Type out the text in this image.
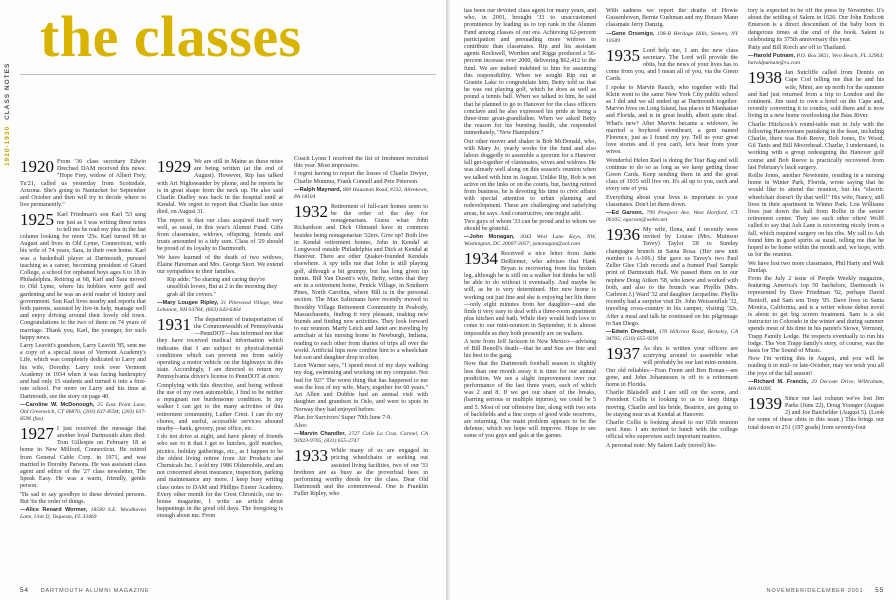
1920-1930CLASS NOTES
the classes
1920 From '36 class secretary Edwin Drechsel DAM received this news: "Hope Frey, widow of Albert Frey, Tu'21, called us yesterday from Scottsdale, Arizona. She's going to Nantucket for September and October and then will try to decide where to live permanently."

1925 Karl Friedman's son Karl '53 sang me just as I was writing these notes to tell me he read my plea in the last column looking for more '25s. Karl turned 98 in August and lives in Old Lyme, Connecticut, with his wife of 74 years, Sara, in their own home. Karl was a basketball player at Dartmouth, pursued teaching as a career, becoming president of Girard College, a school for orphaned boys ages 6 to 18 in Philadelphia. Retiring at 68, Karl and Sara moved to Old Lyme, where his hobbies were golf and gardening and he was an avid reader of history and government. Son Karl lives nearby and reports that both parents, assisted by live-in help, manage well and enjoy driving around their lovely old town. Congratulations to the two of them on 74 years of marriage. Thank you, Karl, the younger, for such happy news.

Larry Leavitt's grandson, Larry Leavitt '85, sent me a copy of a special issue of Vermont Academy's Life, which was completely dedicated to Larry and his wife, Dorothy. Larry took over Vermont Academy in 1934 when it was facing bankruptcy and had only 15 students and turned it into a first-rate school. For more on Larry and his time at Dartmouth, see the story on page 40.

—Caroline W. McDonough, 25 East Point Lane, Old Greenwich, CT 06870; (203) 637-8594; (203) 637-8596 (fax)

1927 I just received the message that another loyal Dartmouth alum died: Tom Gillespie on February 18 at home in New Milford, Connecticut. He retired from General Cable Corp. in 1971, and was married to Dorothy Parsons. He was assistant class agent and editor of the '27 class newsletter, The Speak Easy. He was a warm, friendly, gentle person.

'Tis sad to say goodbye to these devoted persons. But 'tis the order of things.

—Alice Renard Wormer, 18580 S.E. Woodhaven Lane, Unit D, Tequesta, FL 33469

1929 We are still in Maine as these notes are being written (at the end of August). However, Rip has talked with Art Nighswander by phone, and he reports he is in great shape from the neck up. He also said Charlie Dudley was back in the hospital until at Kendal. We regret to report that Charlie has since died, on August 31.

The report is that our class acquired itself very well, as usual, in this year's Alumni Fund. Gifts from classmates, widows, offspring, friends and trusts amounted to a tidy sum. Class of '29 should be proud of its loyalty to Dartmouth.

We have learned of the death of two widows, Elaine Haveman and Mrs. George Stort. We extend our sympathies to their families.

Rip adds: "So sharing and caring they're unselfish lovers, But at 2 in the morning they grab all the covers."

—Mary Lougee Ripley, 31 Pinewood Village, West Lebanon, NH 03784; (603) 643-6464

1931 The department of transportation of the Commonwealth of Pennsylvania—PennDOT—has informed me that they have received medical information which indicates that I am subject to physical/mental conditions which can prevent me from safely operating a motor vehicle on the highways in this state. Accordingly, I am directed to return my Pennsylvania driver's license to PennDOT at once.

Complying with this directive, and being without the use of my own automobile, I find to be neither a repugnant nor burdensome condition. In my walker I can get to the many activities of this retirement community, Luther Crest. I can do my chores, and useful, accessible services abound nearby—bank, grocery, post office, etc.

I do not drive at night, and have plenty of friends who see to it that I get to lunches, golf matches, picnics, holiday gatherings, etc., as I happen to be the oldest living retiree from Air Products and Chemicals Inc. I sold my 1986 Oldsmobile, and am not concerned about insurance, inspection, parking and maintenance any more. I keep busy writing class notes to DAM and Phillips Exeter Academy. Every other month for the Crest Chronicle, our in-house magazine, I write an article about happenings in the good old days. The foregoing is enough about me. From

Coach Lyons I received the list of freshmen recruited this year. Most impressive.

I regret having to report the losses of Charlie Dwyer, Charlie Mumma, Frank Connell and Pete Peterson.

—Ralph Maynard, 800 Hausman Road, #232, Allentown, PA 18104

1932 Retirement of full-care homes seem to be the order of the day for nonagenarians. Guess what: John Richardson and Dick Ohmand have in common besides being nonagenarian '32ers. Give up? Both live in Kendal retirement homes, John in Kendal at Longwood outside Philadelphia and Dick at Kendal at Hanover. There are other Quaker-founded Kendals elsewhere. A spy tells me that John is still playing golf, although a bit grumpy, but has long given up tennis. Bill Van Dusen's wife, Betty, writes that they are in a retirement home, Penick Village, in Southern Pines, North Carolina, where Bill is in the personal section. The Max Saltzmans have recently moved to Brookby Village Retirement Community in Peabody, Massachusetts, finding it very pleasant, making new friends and finding new activities. They look forward to our reunion. Marty Leich and Janet are traveling by armchair at his nursing home in Newburgh, Indiana, reading to each other from diaries of trips all over the world. Artificial hips now confine him to a wheelchair but son and daughter drop in often.

Leon Warner says, "I spend most of my days walking my dog, swimming and working on my computer. Not bad for 92!" The worst thing that has happened to me was the loss of my wife, Mary, together for 60 years." Art Allen and Dobbie had an annual visit with daughter and grandson in Oslo, and were to spots in Norway they had enjoyed before.

Plan for Survivors' Super 70th June 7-9.

Also:

—Marvin Chandler, 2727 Calle La Cruz, Carmel, CA 93923-9705; (831) 655-2747

1933 While many of us are engaged in pricing wheelchairs or seeking out assisted living facilities, two of our '33 brethren are as busy as the proverbial bees in performing worthy deeds for the class. Dear Old Dartmouth and the commonweal. One is Franklin Fuller Ripley, who

54 DARTMOUTH ALUMNI MAGAZINE

has been our devoted class agent for many years, and who, in 2001, brought '33 to unaccustomed prominence by leading us to top rank in the Alumni Fund among classes of our era. Achieving 62-percent participation and persuading more widows to contribute than classmates. Rip and his assistant agents Rockwell, Worthen and Riggs produced a 56-percent increase over 2000, delivering $62,412 to the fund. We are indeed indebted to him for assuming this responsibility. When we sought Rip out at Granite Lake to congratulate him, Betty told us that he was out playing golf, which he does as well as pound a tennis ball. When we talked to him, he said that he planned to go to Hanover for the class officers conclave and he also expressed his pride at being a three-time great-grandfather. When we asked Betty the reason for his bursting health, she responded immediately, "New Hampshire."

Our other mover and shaker is Bob McDonald, who, with Mary Jo, yearly works for the fund and also labors doggedly to assemble a quorum for a Hanover fall get-together of classmates, wives and widows. He was already well along on this season's reunion when we talked with him in August. Unlike Rip, Bob is not active on the links or on the courts, but, having retired from business, he is devoting his time to civic affairs with special attention to urban planning and redevelopment. These are challenging and satisfying areas, he says. And constructive, one might add.

Two guys of whom '33 can be proud and to whom we should be grateful.

—John Monagan, 3043 West Lane Keys, NW, Washington, DC 20007-3057; jsmonagan@aol.com

1934 Received a nice letter from Janie DeRiemer, who advises that Hank Bryan is recovering from his broken leg, although he is still on a walker but thinks he will be able to do without it eventually. And maybe he will, as he is very determined. Her new home is working out just fine and she is enjoying her life there—only eight minutes from her daughter—and she finds it very easy to deal with a three-room apartment plus kitchen and bath. While they would both love to come to our mini-reunion in September, it is almost impossible as they both presently are on walkers.

A note from Jeff Jackson in New Mexico—advising of Bill Renoll's death—that he and Sue are fine and his best to the gang.

Now that the Dartmouth football season is slightly less than one month away it is time for our annual prediction. We see a slight improvement over our performance of the last three years, each of which was 2 and 8. If we get our share of the breaks, (barring serious or multiple injuries), we could be 5 and 5. Most of our offensive line, along with two sets of backfields and a fine corps of good wide receivers, are returning. Our main problem appears to be the defense, which we hope will improve. Hope to see some of you guys and gals at the games.

With sadness we report the deaths of Howie Gussenhoven, Bernie Cushman and my Horace Mann classmate Jerry Danzig.

—Gene Orsenigo, 198-B Heritage Hills, Somers, NY 10589

1935 Lord help me, I am the new class secretary. The Lord will provide the obits, but the news of your lives has to come from you, and I mean all of you, via the Green Cards.

I spoke to Marvin Rauch, who together with Hal Klein went to the same New York City public school as I did and we all ended up at Dartmouth together. Marvin lives on Long Island, has places in Manhattan and Florida, and is in great health, albeit quite deaf. What's new? After Marvin became a widower, he married a boyhood sweetheart, a gem named Florence, just as I found my joy. Tell us your great love stories and if you can't, let's hear from your wives.

Wonderful Helen Rael is doing the Tear Bag and will continue to do so as long as we keep getting those Green Cards. Keep sending them in and the great class of 1935 will live on. It's all up to you, each and every one of you.

Everything about your lives is important to your classmates. Don't let them down.

—Ed Garson, 799 Prospect Ave, West Hartford, CT 06105; egarson@webtv.net

1936 My wife, Ilona, and I recently were invited by Louise (Mrs. Muinson Tavey) Taylor '28 to Sunday champagne brunch in Santa Rosa. (Her new unit number is A-106.) She gave us Tavey's two Paul Zeller Glee Club records and a framed Paul Sample print of Dartmouth Hall. We passed them on to our nephew Doug Aitken '58, who knew and worked with both, and also to the brunch was Phyllis (Mrs. Carleton J.) Ward '32 and daughter Jacqueline. Phyllis recently had a surprise visit Dr. John Weissenfluh '32, traveling cross-country in his camper, visiting '32s. After a meal and talk he continued on his pilgrimage to San Diego.

—Edwin Drechsel, 170 Hillcrest Road, Berkeley, CA 94705; (510) 655-9599

1937 As this is written your officers are scurrying around to assemble what will probably be our last mini-reunion. Our old reliables—Fran Frenn and Ben Bonan—are gone, and John Johannesen is off to a retirement home in Florida.

Charlie Blaisdell and I are still on the scene, and President Collis is looking to us to keep things moving. Charlie and his bride, Beatrice, are going to be staying near us at Kendal at Hanover.

Charlie Collis is looking ahead to our 65th reunion next June. I am invited to lunch with the college official who supervises such important matters.

A personal note: My Salem Lady (novel) his-

tory is expected to be off the press by November. It's about the settling of Salem in 1626. Our John Endicott Emerson is a direct descendant of the baby born in dangerous times at the end of the book. Salem is celebrating its 375th anniversary this year.

Patty and Bill Rorch are off to Thailand.

—Harold Putnam, P.O. Box 3821, Vero Beach, FL 32964; haroldputnam@cs.com

1938 Jan Sutcliffe called from Dennis on Cape Cod telling me that he and his wife, Mimi, are up north for the summer and had just returned from a trip to London and the continent. Jim used to own a hotel on the Cape and, recently converting it to condos, sold them and is now living in a new home overlooking the Bass River.

Charlie Hitchcock's round-table met in July with the following Hanoverians partaking in the feast, including Charlie, there was Bob Reeve, Bob Jones, Ev Wood, Gil Tanis and Bill Moorehead. Charlie, I understand, is working with a group redesigning the Hanover golf course and Bob Reeve is practically recovered from last February's back surgery.

Rollie Jones, another Newtonite, residing in a nursing home in Winter Park, Florida, wrote saying that he would like to attend the reunion, but his "electric wheelchair doesn't fly that well!" His wife, Nancy, still lives in their apartment in Winter Park. Lou Williams lives just down the hall from Rollie in the senior retirement center. They see each other often! Wolff called to say that Ash Lane is recovering nicely from a fall, which required surgery on his ribs. My call to Ash found him in good spirits as usual, telling me that he hoped to be home within the month and, we hope, with us for the reunion.

We have lost two more classmates, Phil Harty and Walt Dunlap.

From the July 2 issue of People Weekly magazine, featuring America's top 50 bachelors, Dartmouth is represented by Dave Friedman '92, perhaps David Benioff, and Sam son Tony '95. Dave lives in Santa Monica, California, and is a writer whose debut novel is about to get big screen treatment. Sam is a ski instructor in Colorado in the winter and during summer spends most of his time in his parent's Stowe, Vermont, Trapp Family Lodge. He respects eventually to run his lodge. The Von Trapp family's story, of course, was the basis for The Sound of Music.

Now I'm writing this in August, and you will be reading it in mid- or late-October, may we wish you all the joys of the fall season!

—Richard M. Francis, 29 Decoste Drive, Wilbraham, MA 01095

1939 Since our last column we've lost Jim Parks (June 22), Doug Younger (August 2) and Joe Batchelder (August 5). (Look for some of these obits in this issue.) This brings our total down to 251 (197 grads) from seventy-four

NOVEMBER/DECEMBER 2001 55
